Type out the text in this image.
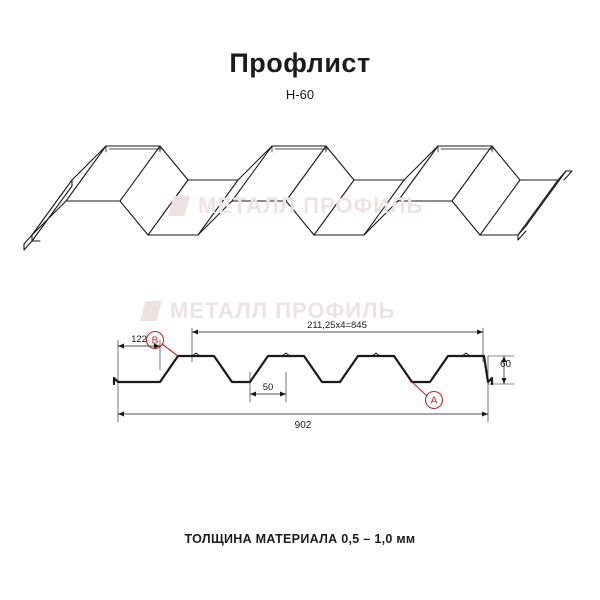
Профлист
Н-60
211,25х4=845
122
50
902
60
B
A
МЕТАЛЛ ПРОФИЛЬ
МЕТАЛЛ ПРОФИЛЬ
ТОЛЩИНА МАТЕРИАЛА 0,5 – 1,0 мм
